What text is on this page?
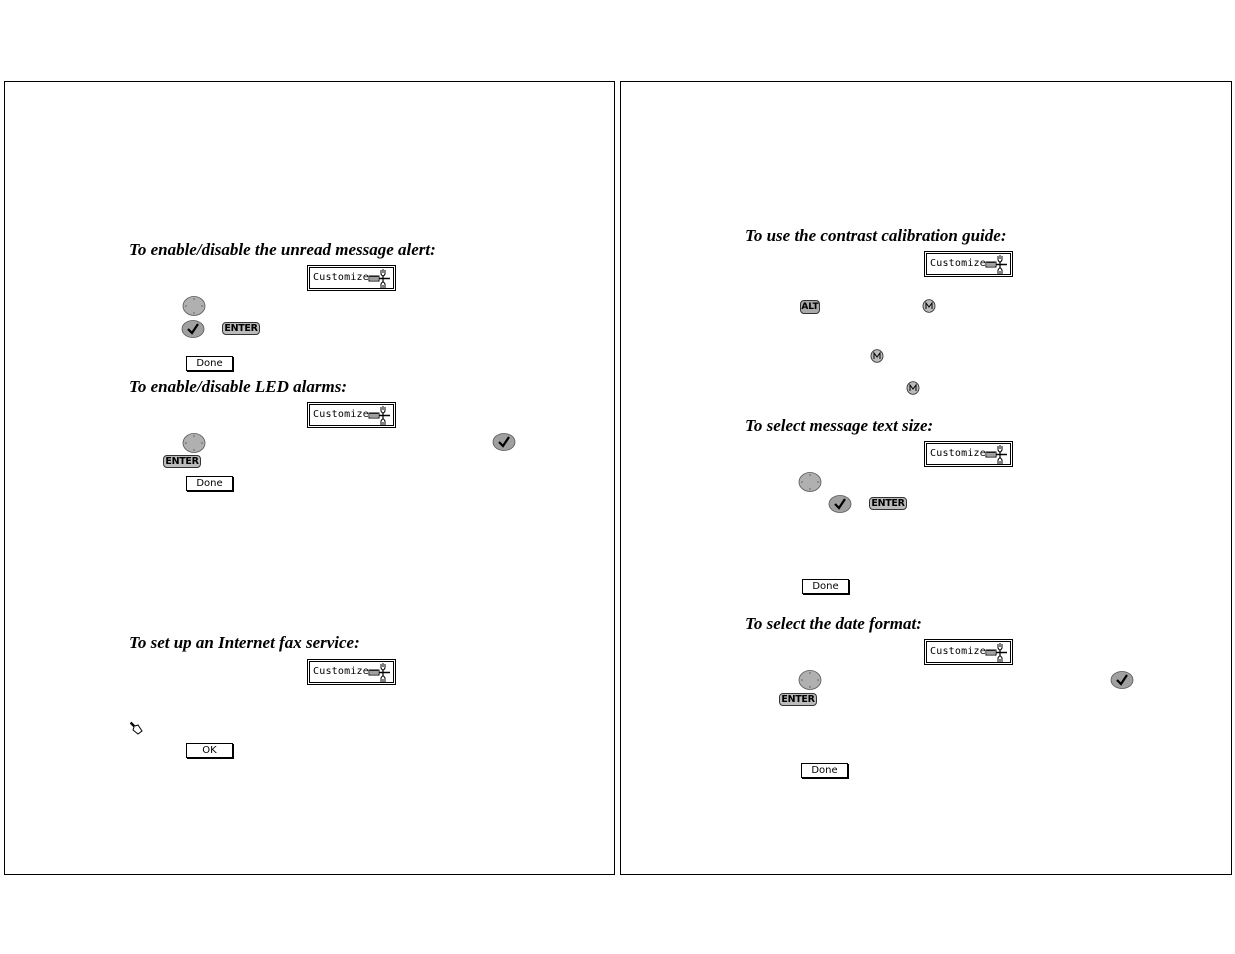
To enable/disable the unread message alert:
Customize
ENTER
Done
To enable/disable LED alarms:
Customize
ENTER
Done
To set up an Internet fax service:
Customize
OK
To use the contrast calibration guide:
Customize
ALT
To select message text size:
Customize
ENTER
Done
To select the date format:
Customize
ENTER
Done
